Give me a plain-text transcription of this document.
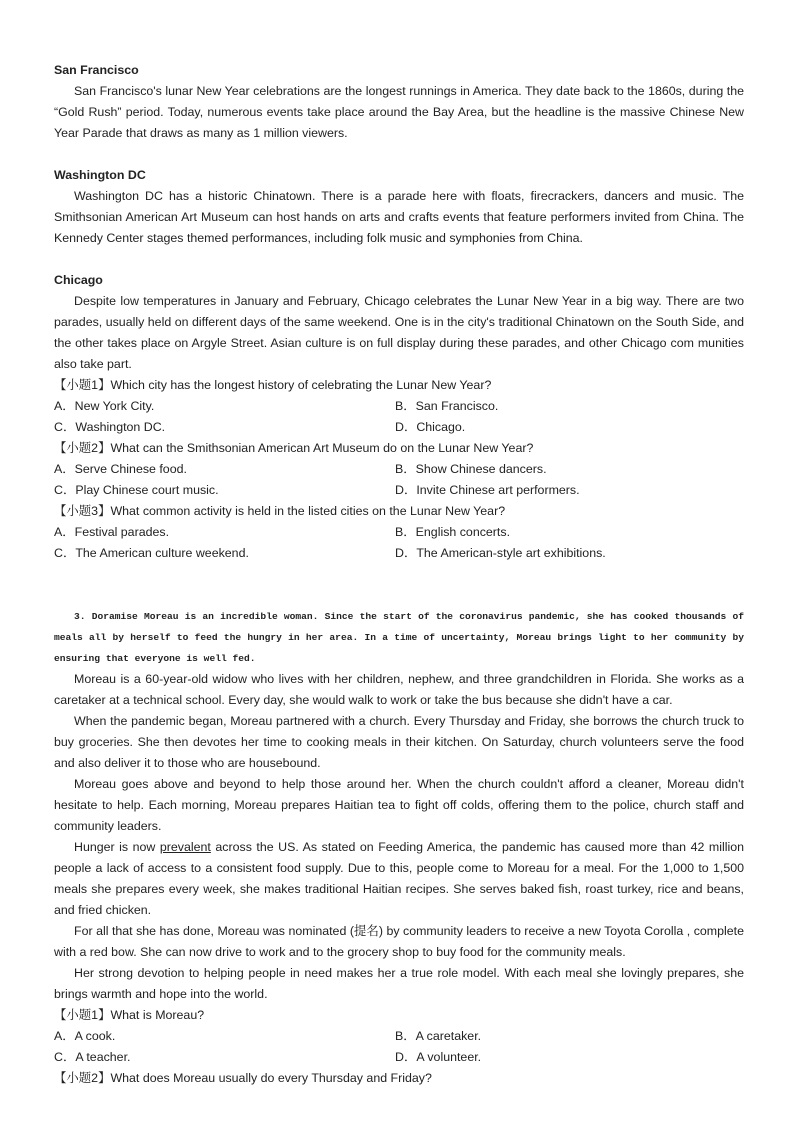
San Francisco

San Francisco's lunar New Year celebrations are the longest runnings in America. They date back to the 1860s, during the “Gold Rush” period. Today, numerous events take place around the Bay Area, but the headline is the massive Chinese New Year Parade that draws as many as 1 million viewers.

Washington DC

Washington DC has a historic Chinatown. There is a parade here with floats, firecrackers, dancers and music. The Smithsonian American Art Museum can host hands on arts and crafts events that feature performers invited from China. The Kennedy Center stages themed performances, including folk music and symphonies from China.

Chicago

Despite low temperatures in January and February, Chicago celebrates the Lunar New Year in a big way. There are two parades, usually held on different days of the same weekend. One is in the city's traditional Chinatown on the South Side, and the other takes place on Argyle Street. Asian culture is on full display during these parades, and other Chicago com munities also take part.

【小题1】Which city has the longest history of celebrating the Lunar New Year?
A．New York City.	B．San Francisco.
C．Washington DC.	D．Chicago.
【小题2】What can the Smithsonian American Art Museum do on the Lunar New Year?
A．Serve Chinese food.	B．Show Chinese dancers.
C．Play Chinese court music.	D．Invite Chinese art performers.
【小题3】What common activity is held in the listed cities on the Lunar New Year?
A．Festival parades.	B．English concerts.
C．The American culture weekend.	D．The American-style art exhibitions.

3. Doramise Moreau is an incredible woman. Since the start of the coronavirus pandemic, she has cooked thousands of meals all by herself to feed the hungry in her area. In a time of uncertainty, Moreau brings light to her community by ensuring that everyone is well fed.

Moreau is a 60-year-old widow who lives with her children, nephew, and three grandchildren in Florida. She works as a caretaker at a technical school. Every day, she would walk to work or take the bus because she didn't have a car.

When the pandemic began, Moreau partnered with a church. Every Thursday and Friday, she borrows the church truck to buy groceries. She then devotes her time to cooking meals in their kitchen. On Saturday, church volunteers serve the food and also deliver it to those who are housebound.

Moreau goes above and beyond to help those around her. When the church couldn't afford a cleaner, Moreau didn't hesitate to help. Each morning, Moreau prepares Haitian tea to fight off colds, offering them to the police, church staff and community leaders.

Hunger is now prevalent across the US. As stated on Feeding America, the pandemic has caused more than 42 million people a lack of access to a consistent food supply. Due to this, people come to Moreau for a meal. For the 1,000 to 1,500 meals she prepares every week, she makes traditional Haitian recipes. She serves baked fish, roast turkey, rice and beans, and fried chicken.

For all that she has done, Moreau was nominated (提名) by community leaders to receive a new Toyota Corolla , complete with a red bow. She can now drive to work and to the grocery shop to buy food for the community meals.

Her strong devotion to helping people in need makes her a true role model. With each meal she lovingly prepares, she brings warmth and hope into the world.

【小题1】What is Moreau?
A．A cook.	B．A caretaker.
C．A teacher.	D．A volunteer.
【小题2】What does Moreau usually do every Thursday and Friday?
